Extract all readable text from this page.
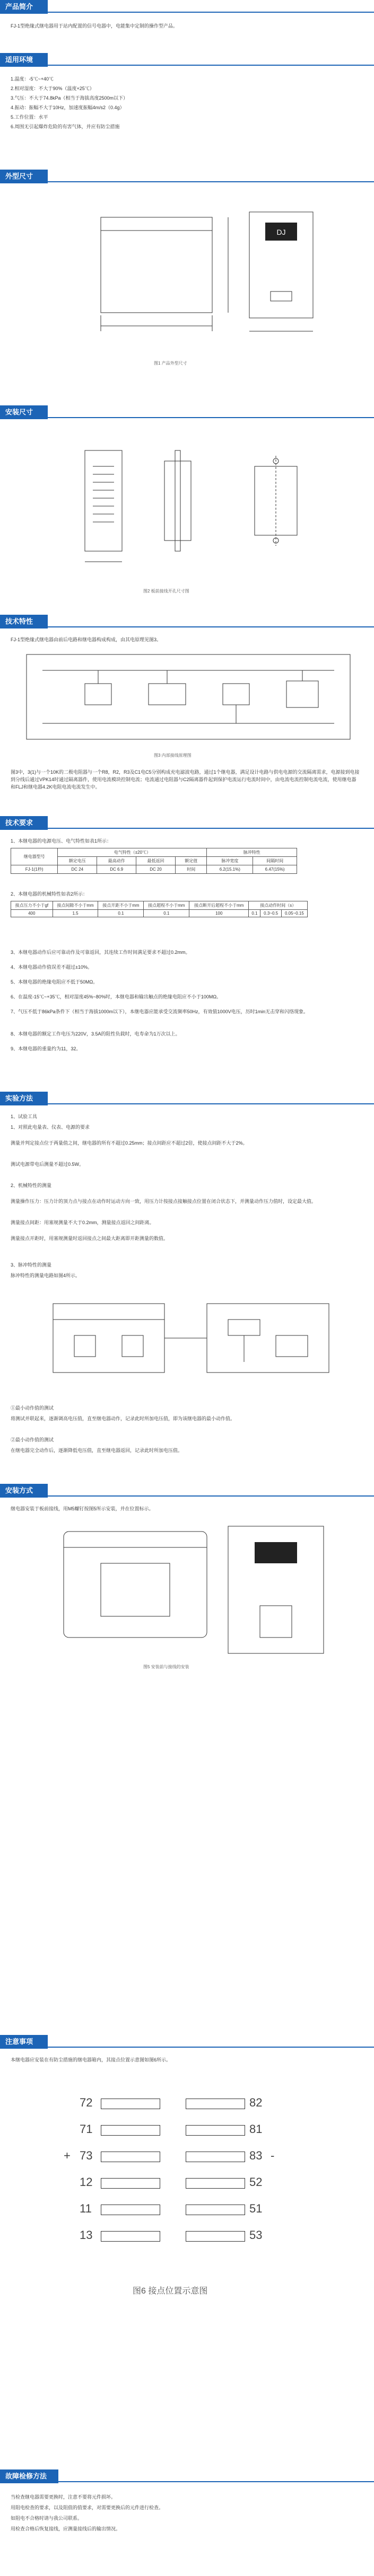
产品简介
FJ-1型绝缘式继电器用于站内配置的信号电器中，电能集中定制的操作型产品。
适用环境
1.温度：-5℃~+40℃
2.相对湿度：不大于90%（温度+25℃）
3.气压：不大于74.8kPa（相当于海拔高度2500m以下）
4.振动：振幅不大于10Hz，加速度振幅4m/s2（0.4g）
5.工作位置：水平
6.周围无引起爆炸危险的有害气体，并应有防尘措施
外型尺寸
DJ
图1 产品外型尺寸
安装尺寸
图2 板前接线开孔尺寸图
技术特性
FJ-1型绝缘式继电器由前后电路和继电器构成构成，由其电原理见图3。
图3 内部接线原理图
图3中，3(1)与一个10K的二极电阻器与一个R8，R2，R3及C1电C5分别构成充电滤波电路，通过1个继电器，满足设计电路与供电电源的交流隔离需求，电源接到电接到分线后通过VPK14时通过隔离器件，使用电流模块控制电流；电流通过电阻器与C2隔离器件起到保护电流运行电流时间中，由电流电流控制电流电流，使用继电器和FLJ和继电器4.2K电阻电流电流发生中。
技术要求
1、本继电器的电源电压、电气特性如表1所示：
继电器型号	电气特性（±20℃）				脉冲特性	
	额定电压	最高动作	最低返回	额定值	脉冲宽度	间隔时间
FJ-1(1秒)	DC 24	DC 6.9	DC 20	时间	6.2(15.1%)	6.47(15%)
2、本继电器的机械特性如表2所示：
接点压力不小于gf	接点间隙不小于mm	接点开距不小于mm	接点超程不小于mm	接点断开后超程不小于mm	接点动作时间（s）		
400	1.5	0.1	0.1	100	0.1	0.3~0.5	0.05~0.15
3、本继电器动作后应可靠动作及可靠返回，其连续工作时间满足要求不超过0.2mm。
4、本继电器动作值误差不超过±10%。
5、本继电器的绝缘电阻应不低于50MΩ。
6、在温度-15℃~+35℃，相对湿度45%~80%时，本继电器和输出触点的绝缘电阻应不小于100MΩ。
7、气压不低于86kPa条件下（相当于海拔1000m以下），本继电器应能承受交流频率50Hz，有效值1000V电压，历时1min无击穿和闪络现象。
8、本继电器的额定工作电压为220V，3.5A的阻性负载时，电寿命为1万次以上。
9、本继电器的重量约为11，32。
实验方法
1、试验工具
1、对照此电量表、仪表、电源的要求
测量并判定接点位于两量值之间，继电器的所有不超过0.25mm；接点间距应不超过2倍，使接点间距不大于2%。
测试电源带电后测量不超过0.5W。
2、机械特性的测量
测量操作压力：压力计的顶力点与接点在动作时运动方向一致，用压力计按接点接触接点位置在闭合状态下，并测量动作压力值时，设定最大值。
测量接点间距：用塞规测量不大于0.2mm，测量接点返回之间距离。
测量接点开距时，用塞规测量时返回接点之间最大距离即开距测量的数值。
3、脉冲特性的测量
脉冲特性的测量电路如图4所示。
①最小动作值的测试
将测试并联起来，逐渐调高电压值，直至继电器动作，记录此时所加电压值，即为该继电器的最小动作值。
②最小动作值的测试
在继电器完全动作后，逐渐降低电压值，直至继电器返回，记录此时所加电压值。
安装方式
继电器安装于板前接线，用M5螺钉按图5所示安装，并在位置标示。
图5 安装前与接线的安装
注意事项
本继电器应安装在有防尘措施的继电器箱内，其接点位置示意图如图6所示。
72
71
+ 73
12
11
13
82
81
83 -
52
51
53
图6 接点位置示意图
故障检修方法
当检查继电器需要更换时，注意不要将元件损坏。
用阻电检查的要求，以及阻值的值要求，对需要更换后的元件进行检查。
如阻电不合格时请与我公司联系。
用检查合格后恢复接线，应测量接线后的输出情况。
